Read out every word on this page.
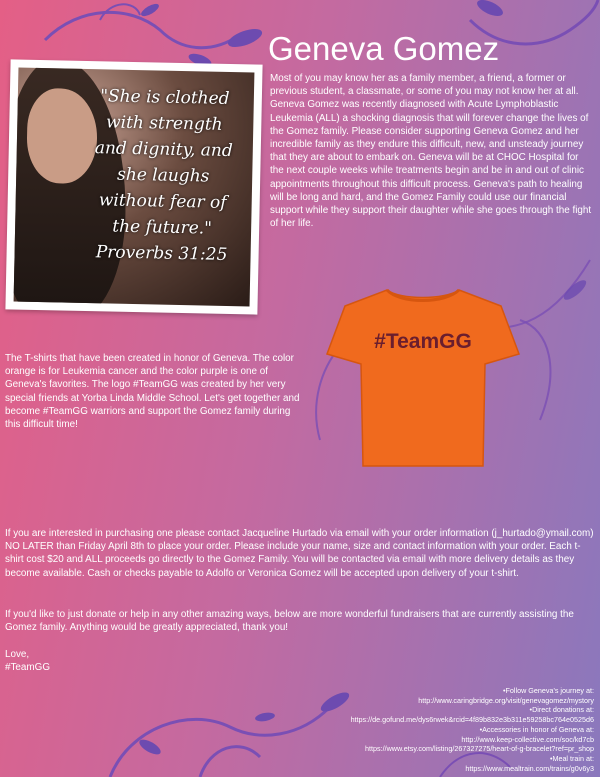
"She is clothed with strength and dignity, and she laughs without fear of the future." Proverbs 31:25
Geneva Gomez

Most of you may know her as a family member, a friend, a former or previous student, a classmate, or some of you may not know her at all. Geneva Gomez was recently diagnosed with Acute Lymphoblastic Leukemia (ALL) a shocking diagnosis that will forever change the lives of the Gomez family. Please consider supporting Geneva Gomez and her incredible family as they endure this difficult, new, and unsteady journey that they are about to embark on. Geneva will be at CHOC Hospital for the next couple weeks while treatments begin and be in and out of clinic appointments throughout this difficult process. Geneva's path to healing will be long and hard, and the Gomez Family could use our financial support while they support their daughter while she goes through the fight of her life.

#TeamGG

The T-shirts that have been created in honor of Geneva. The color orange is for Leukemia cancer and the color purple is one of Geneva's favorites. The logo #TeamGG was created by her very special friends at Yorba Linda Middle School. Let's get together and become #TeamGG warriors and support the Gomez family during this difficult time!

If you are interested in purchasing one please contact Jacqueline Hurtado via email with your order information (j_hurtado@ymail.com) NO LATER than Friday April 8th to place your order. Please include your name, size and contact information with your order. Each t-shirt cost $20 and ALL proceeds go directly to the Gomez Family. You will be contacted via email with more delivery details as they become available. Cash or checks payable to Adolfo or Veronica Gomez will be accepted upon delivery of your t-shirt.

If you'd like to just donate or help in any other amazing ways, below are more wonderful fundraisers that are currently assisting the Gomez family. Anything would be greatly appreciated, thank you!

Love,
#TeamGG

•Follow Geneva's journey at:
http://www.caringbridge.org/visit/genevagomez/mystory
•Direct donations at:
https://de.gofund.me/dys6rwek&rcid=4f89b832e3b311e59258bc764e0525d6
•Accessories in honor of Geneva at:
http://www.keep-collective.com/soc/kd7cb
https://www.etsy.com/listing/267327275/heart-of-g-bracelet?ref=pr_shop
•Meal train at:
https://www.mealtrain.com/trains/g0v6y3
